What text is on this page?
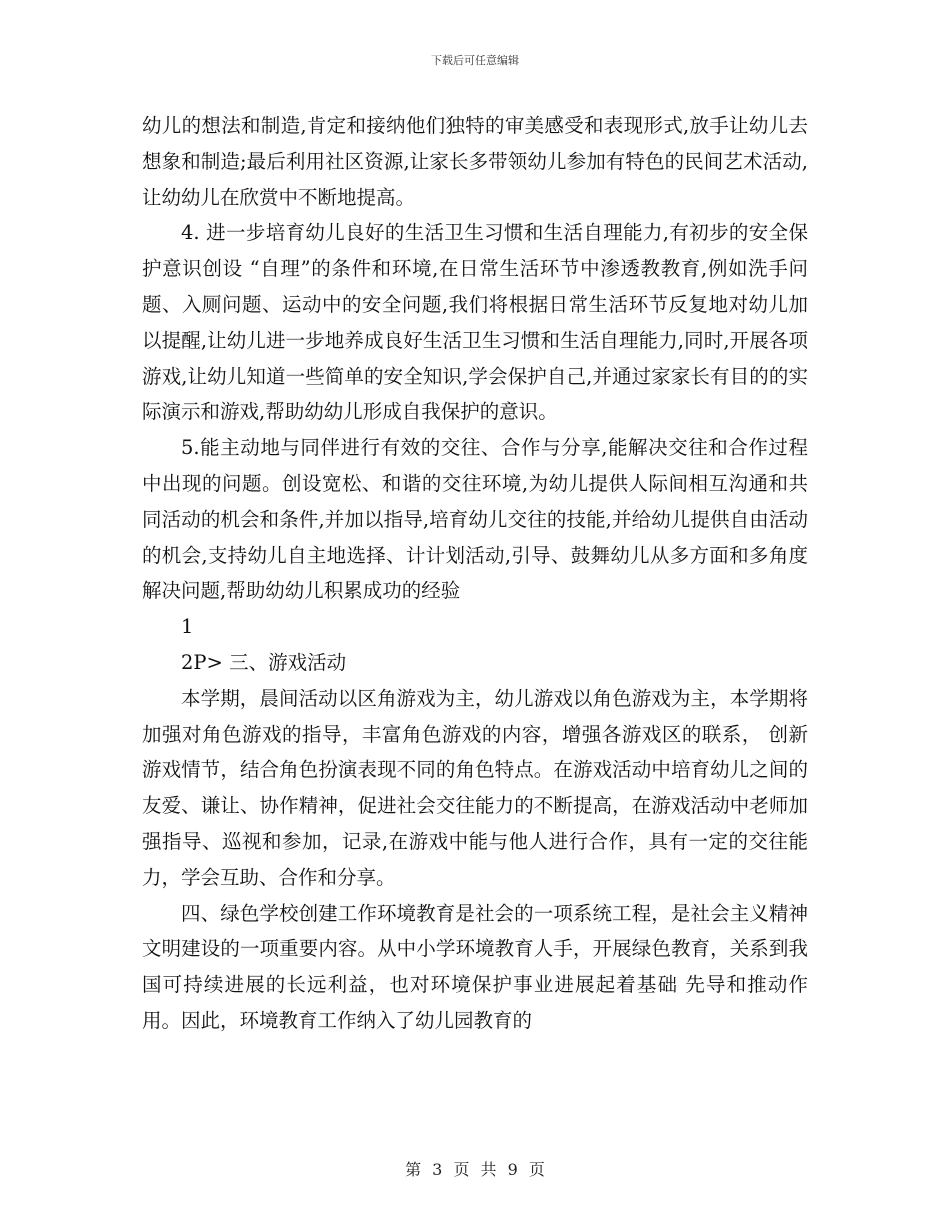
下载后可任意编辑

幼儿的想法和制造,肯定和接纳他们独特的审美感受和表现形式,放手让幼儿去想象和制造;最后利用社区资源,让家长多带领幼儿参加有特色的民间艺术活动,让幼幼儿在欣赏中不断地提高。

4. 进一步培育幼儿良好的生活卫生习惯和生活自理能力,有初步的安全保护意识创设 “自理”的条件和环境,在日常生活环节中渗透教教育,例如洗手问题、入厕问题、运动中的安全问题,我们将根据日常生活环节反复地对幼儿加以提醒,让幼儿进一步地养成良好生活卫生习惯和生活自理能力,同时,开展各项游戏,让幼儿知道一些简单的安全知识,学会保护自己,并通过家家长有目的的实际演示和游戏,帮助幼幼儿形成自我保护的意识。

5.能主动地与同伴进行有效的交往、合作与分享,能解决交往和合作过程中出现的问题。创设宽松、和谐的交往环境,为幼儿提供人际间相互沟通和共同活动的机会和条件,并加以指导,培育幼儿交往的技能,并给幼儿提供自由活动的机会,支持幼儿自主地选择、计计划活动,引导、鼓舞幼儿从多方面和多角度解决问题,帮助幼幼儿积累成功的经验

1

2P> 三、游戏活动

本学期，晨间活动以区角游戏为主，幼儿游戏以角色游戏为主，本学期将加强对角色游戏的指导，丰富角色游戏的内容，增强各游戏区的联系， 创新游戏情节，结合角色扮演表现不同的角色特点。在游戏活动中培育幼儿之间的友爱、谦让、协作精神，促进社会交往能力的不断提高，在游戏活动中老师加强指导、巡视和参加，记录,在游戏中能与他人进行合作，具有一定的交往能力，学会互助、合作和分享。

四、绿色学校创建工作环境教育是社会的一项系统工程，是社会主义精神文明建设的一项重要内容。从中小学环境教育人手，开展绿色教育，关系到我国可持续进展的长远利益，也对环境保护事业进展起着基础 先导和推动作用。因此，环境教育工作纳入了幼儿园教育的

第 3 页 共 9 页
